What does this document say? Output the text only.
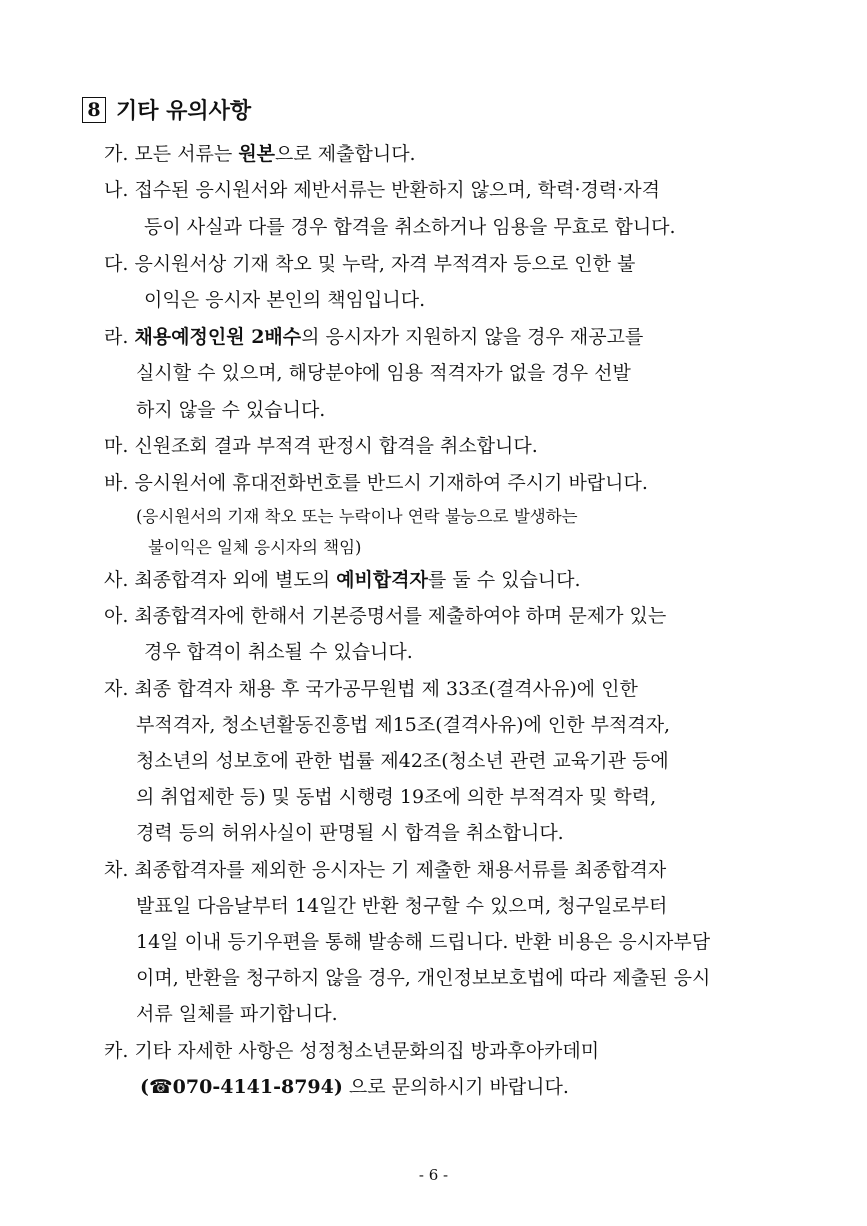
8 기타 유의사항
가. 모든 서류는 원본으로 제출합니다.
나. 접수된 응시원서와 제반서류는 반환하지 않으며, 학력·경력·자격
등이 사실과 다를 경우 합격을 취소하거나 임용을 무효로 합니다.
다. 응시원서상 기재 착오 및 누락, 자격 부적격자 등으로 인한 불
이익은 응시자 본인의 책임입니다.
라. 채용예정인원 2배수의 응시자가 지원하지 않을 경우 재공고를
실시할 수 있으며, 해당분야에 임용 적격자가 없을 경우 선발
하지 않을 수 있습니다.
마. 신원조회 결과 부적격 판정시 합격을 취소합니다.
바. 응시원서에 휴대전화번호를 반드시 기재하여 주시기 바랍니다.
(응시원서의 기재 착오 또는 누락이나 연락 불능으로 발생하는
불이익은 일체 응시자의 책임)
사. 최종합격자 외에 별도의 예비합격자를 둘 수 있습니다.
아. 최종합격자에 한해서 기본증명서를 제출하여야 하며 문제가 있는
경우 합격이 취소될 수 있습니다.
자. 최종 합격자 채용 후 국가공무원법 제 33조(결격사유)에 인한
부적격자, 청소년활동진흥법 제15조(결격사유)에 인한 부적격자,
청소년의 성보호에 관한 법률 제42조(청소년 관련 교육기관 등에
의 취업제한 등) 및 동법 시행령 19조에 의한 부적격자 및 학력,
경력 등의 허위사실이 판명될 시 합격을 취소합니다.
차. 최종합격자를 제외한 응시자는 기 제출한 채용서류를 최종합격자
발표일 다음날부터 14일간 반환 청구할 수 있으며, 청구일로부터
14일 이내 등기우편을 통해 발송해 드립니다. 반환 비용은 응시자부담
이며, 반환을 청구하지 않을 경우, 개인정보보호법에 따라 제출된 응시
서류 일체를 파기합니다.
카. 기타 자세한 사항은 성정청소년문화의집 방과후아카데미
(☎070-4141-8794) 으로 문의하시기 바랍니다.
- 6 -
